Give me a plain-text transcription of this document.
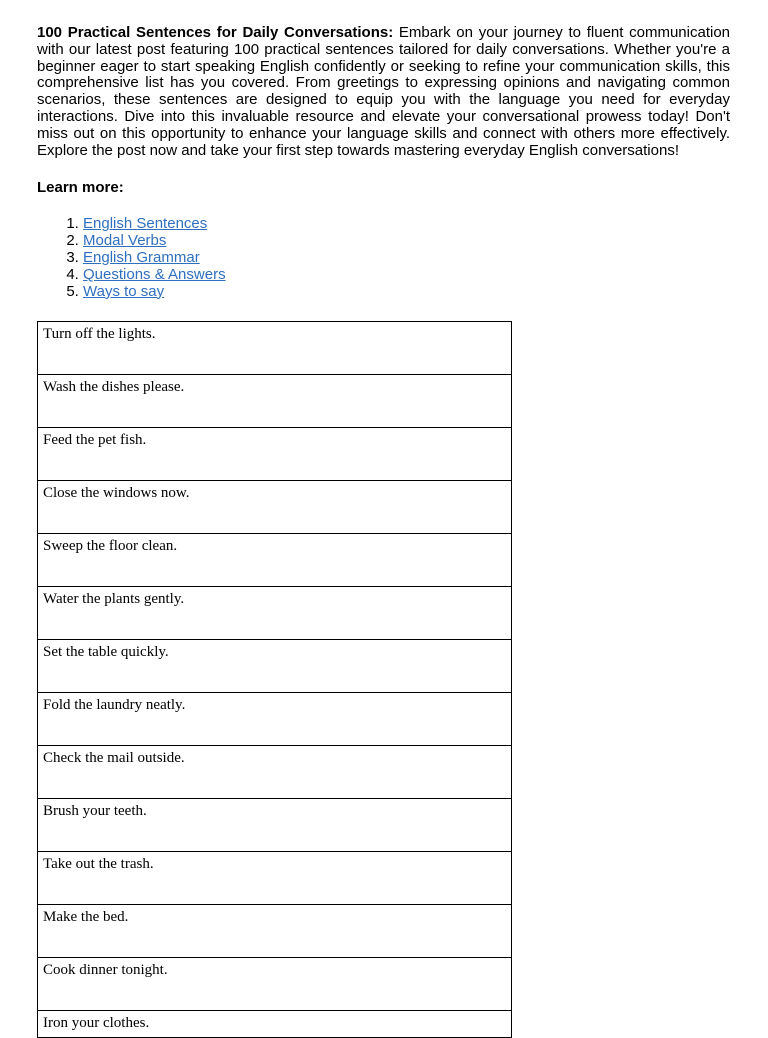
100 Practical Sentences for Daily Conversations: Embark on your journey to fluent communication with our latest post featuring 100 practical sentences tailored for daily conversations. Whether you're a beginner eager to start speaking English confidently or seeking to refine your communication skills, this comprehensive list has you covered. From greetings to expressing opinions and navigating common scenarios, these sentences are designed to equip you with the language you need for everyday interactions. Dive into this invaluable resource and elevate your conversational prowess today! Don't miss out on this opportunity to enhance your language skills and connect with others more effectively. Explore the post now and take your first step towards mastering everyday English conversations!

Learn more:
1. English Sentences
2. Modal Verbs
3. English Grammar
4. Questions & Answers
5. Ways to say
Turn off the lights.
Wash the dishes please.
Feed the pet fish.
Close the windows now.
Sweep the floor clean.
Water the plants gently.
Set the table quickly.
Fold the laundry neatly.
Check the mail outside.
Brush your teeth.
Take out the trash.
Make the bed.
Cook dinner tonight.
Iron your clothes.
